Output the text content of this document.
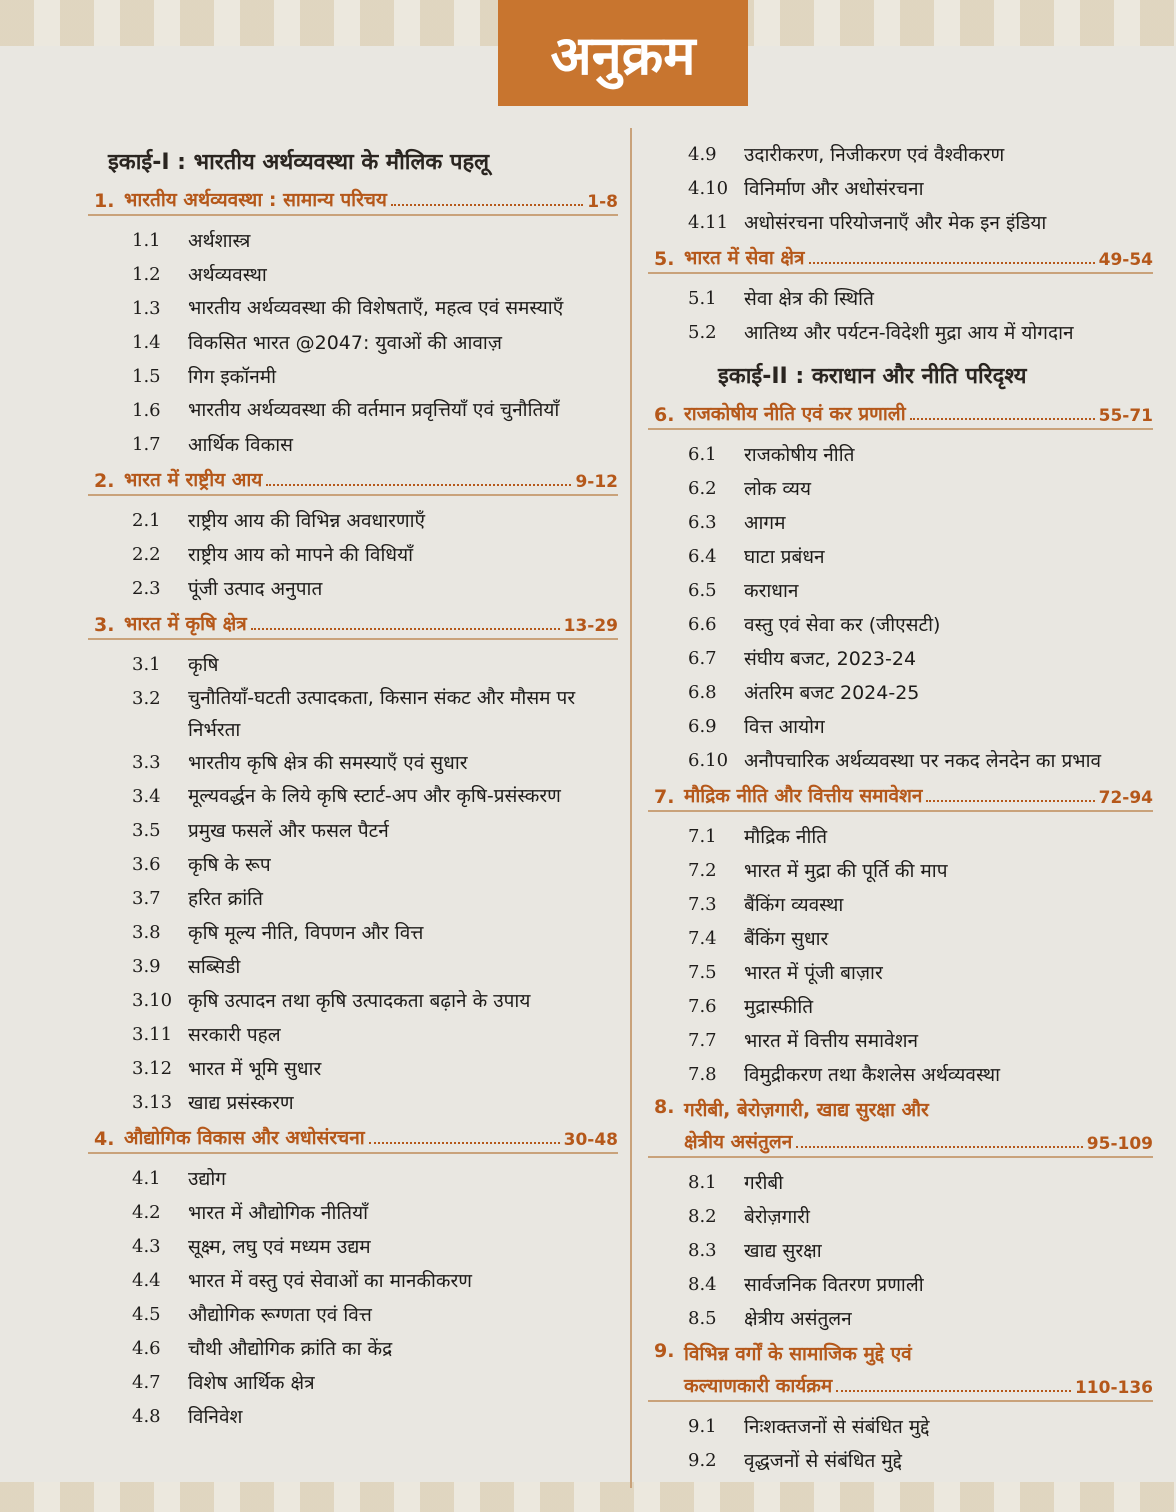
अनुक्रम
इकाई-I : भारतीय अर्थव्यवस्था के मौलिक पहलू
1. भारतीय अर्थव्यवस्था : सामान्य परिचय	1-8
1.1	अर्थशास्त्र
1.2	अर्थव्यवस्था
1.3	भारतीय अर्थव्यवस्था की विशेषताएँ, महत्व एवं समस्याएँ
1.4	विकसित भारत @2047: युवाओं की आवाज़
1.5	गिग इकॉनमी
1.6	भारतीय अर्थव्यवस्था की वर्तमान प्रवृत्तियाँ एवं चुनौतियाँ
1.7	आर्थिक विकास
2. भारत में राष्ट्रीय आय	9-12
2.1	राष्ट्रीय आय की विभिन्न अवधारणाएँ
2.2	राष्ट्रीय आय को मापने की विधियाँ
2.3	पूंजी उत्पाद अनुपात
3. भारत में कृषि क्षेत्र	13-29
3.1	कृषि
3.2	चुनौतियाँ-घटती उत्पादकता, किसान संकट और मौसम पर निर्भरता
3.3	भारतीय कृषि क्षेत्र की समस्याएँ एवं सुधार
3.4	मूल्यवर्द्धन के लिये कृषि स्टार्ट-अप और कृषि-प्रसंस्करण
3.5	प्रमुख फसलें और फसल पैटर्न
3.6	कृषि के रूप
3.7	हरित क्रांति
3.8	कृषि मूल्य नीति, विपणन और वित्त
3.9	सब्सिडी
3.10 कृषि उत्पादन तथा कृषि उत्पादकता बढ़ाने के उपाय
3.11 सरकारी पहल
3.12 भारत में भूमि सुधार
3.13 खाद्य प्रसंस्करण
4. औद्योगिक विकास और अधोसंरचना	30-48
4.1	उद्योग
4.2	भारत में औद्योगिक नीतियाँ
4.3	सूक्ष्म, लघु एवं मध्यम उद्यम
4.4	भारत में वस्तु एवं सेवाओं का मानकीकरण
4.5	औद्योगिक रूग्णता एवं वित्त
4.6	चौथी औद्योगिक क्रांति का केंद्र
4.7	विशेष आर्थिक क्षेत्र
4.8	विनिवेश
4.9	उदारीकरण, निजीकरण एवं वैश्वीकरण
4.10 विनिर्माण और अधोसंरचना
4.11 अधोसंरचना परियोजनाएँ और मेक इन इंडिया
5. भारत में सेवा क्षेत्र	49-54
5.1	सेवा क्षेत्र की स्थिति
5.2	आतिथ्य और पर्यटन-विदेशी मुद्रा आय में योगदान
इकाई-II : कराधान और नीति परिदृश्य
6. राजकोषीय नीति एवं कर प्रणाली	55-71
6.1	राजकोषीय नीति
6.2	लोक व्यय
6.3	आगम
6.4	घाटा प्रबंधन
6.5	कराधान
6.6	वस्तु एवं सेवा कर (जीएसटी)
6.7	संघीय बजट, 2023-24
6.8	अंतरिम बजट 2024-25
6.9	वित्त आयोग
6.10 अनौपचारिक अर्थव्यवस्था पर नकद लेनदेन का प्रभाव
7. मौद्रिक नीति और वित्तीय समावेशन	72-94
7.1	मौद्रिक नीति
7.2	भारत में मुद्रा की पूर्ति की माप
7.3	बैंकिंग व्यवस्था
7.4	बैंकिंग सुधार
7.5	भारत में पूंजी बाज़ार
7.6	मुद्रास्फीति
7.7	भारत में वित्तीय समावेशन
7.8	विमुद्रीकरण तथा कैशलेस अर्थव्यवस्था
8. गरीबी, बेरोज़गारी, खाद्य सुरक्षा और
क्षेत्रीय असंतुलन	95-109
8.1	गरीबी
8.2	बेरोज़गारी
8.3	खाद्य सुरक्षा
8.4	सार्वजनिक वितरण प्रणाली
8.5	क्षेत्रीय असंतुलन
9. विभिन्न वर्गों के सामाजिक मुद्दे एवं
कल्याणकारी कार्यक्रम	110-136
9.1	निःशक्तजनों से संबंधित मुद्दे
9.2	वृद्धजनों से संबंधित मुद्दे
